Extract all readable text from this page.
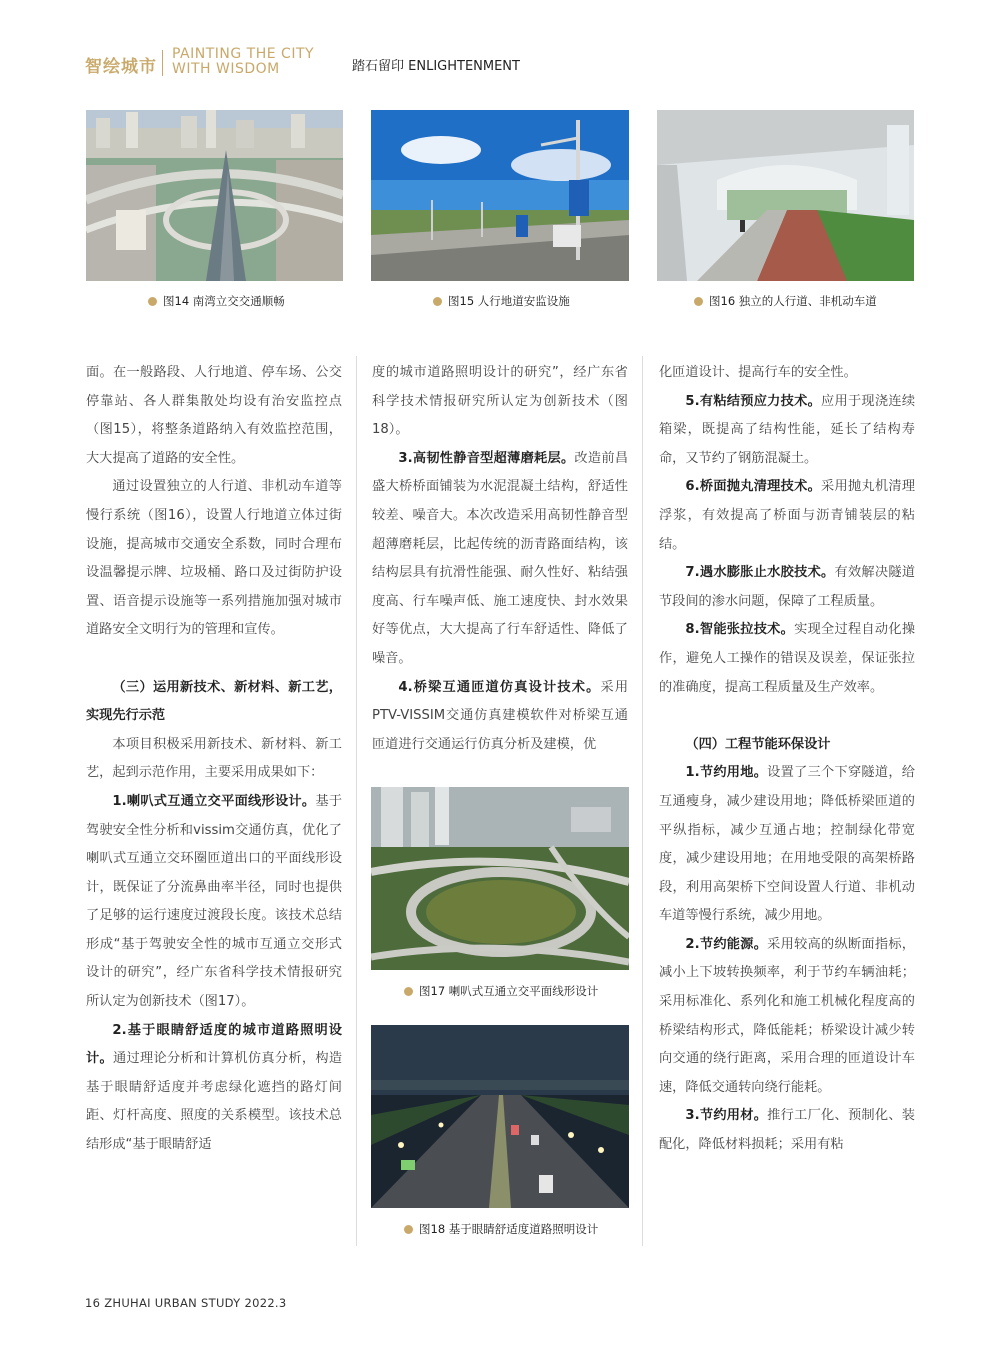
智绘城市
PAINTING THE CITY
WITH WISDOM	踏石留印 ENLIGHTENMENT
图14 南湾立交交通顺畅	图15 人行地道安监设施	图16 独立的人行道、非机动车道

面。在一般路段、人行地道、停车场、公交停靠站、各人群集散处均设有治安监控点（图15），将整条道路纳入有效监控范围，大大提高了道路的安全性。

通过设置独立的人行道、非机动车道等慢行系统（图16），设置人行地道立体过街设施，提高城市交通安全系数，同时合理布设温馨提示牌、垃圾桶、路口及过街防护设置、语音提示设施等一系列措施加强对城市道路安全文明行为的管理和宣传。

（三）运用新技术、新材料、新工艺，实现先行示范

本项目积极采用新技术、新材料、新工艺，起到示范作用，主要采用成果如下：

1.喇叭式互通立交平面线形设计。基于驾驶安全性分析和vissim交通仿真，优化了喇叭式互通立交环圈匝道出口的平面线形设计，既保证了分流鼻曲率半径，同时也提供了足够的运行速度过渡段长度。该技术总结形成“基于驾驶安全性的城市互通立交形式设计的研究”，经广东省科学技术情报研究所认定为创新技术（图17）。

2.基于眼睛舒适度的城市道路照明设计。通过理论分析和计算机仿真分析，构造基于眼睛舒适度并考虑绿化遮挡的路灯间距、灯杆高度、照度的关系模型。该技术总结形成“基于眼睛舒适

度的城市道路照明设计的研究”，经广东省科学技术情报研究所认定为创新技术（图18）。

3.高韧性静音型超薄磨耗层。改造前昌盛大桥桥面铺装为水泥混凝土结构，舒适性较差、噪音大。本次改造采用高韧性静音型超薄磨耗层，比起传统的沥青路面结构，该结构层具有抗滑性能强、耐久性好、粘结强度高、行车噪声低、施工速度快、封水效果好等优点，大大提高了行车舒适性、降低了噪音。

4.桥梁互通匝道仿真设计技术。采用PTV-VISSIM交通仿真建模软件对桥梁互通匝道进行交通运行仿真分析及建模，优

图17 喇叭式互通立交平面线形设计
图18 基于眼睛舒适度道路照明设计

化匝道设计、提高行车的安全性。

5.有粘结预应力技术。应用于现浇连续箱梁，既提高了结构性能，延长了结构寿命，又节约了钢筋混凝土。

6.桥面抛丸清理技术。采用抛丸机清理浮浆，有效提高了桥面与沥青铺装层的粘结。

7.遇水膨胀止水胶技术。有效解决隧道节段间的渗水问题，保障了工程质量。

8.智能张拉技术。实现全过程自动化操作，避免人工操作的错误及误差，保证张拉的准确度，提高工程质量及生产效率。

（四）工程节能环保设计

1.节约用地。设置了三个下穿隧道，给互通瘦身，减少建设用地；降低桥梁匝道的平纵指标，减少互通占地；控制绿化带宽度，减少建设用地；在用地受限的高架桥路段，利用高架桥下空间设置人行道、非机动车道等慢行系统，减少用地。

2.节约能源。采用较高的纵断面指标，减小上下坡转换频率，利于节约车辆油耗；采用标准化、系列化和施工机械化程度高的桥梁结构形式，降低能耗；桥梁设计减少转向交通的绕行距离，采用合理的匝道设计车速，降低交通转向绕行能耗。

3.节约用材。推行工厂化、预制化、装配化，降低材料损耗；采用有粘

16 ZHUHAI URBAN STUDY 2022.3
